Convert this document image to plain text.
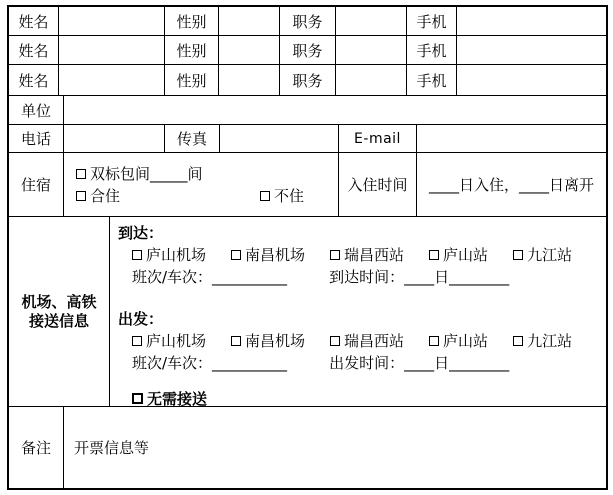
姓名	性别	职务	手机
姓名	性别	职务	手机
姓名	性别	职务	手机
单位
电话	传真	E-mail
住宿
双标包间_____间
合住	不住
入住时间	____日入住，____日离开
机场、高铁
接送信息
到达：
庐山机场	南昌机场	瑞昌西站	庐山站	九江站
班次/车次：__________	到达时间：____日________
出发：
庐山机场	南昌机场	瑞昌西站	庐山站	九江站
班次/车次：__________	出发时间：____日________
无需接送
备注	开票信息等
